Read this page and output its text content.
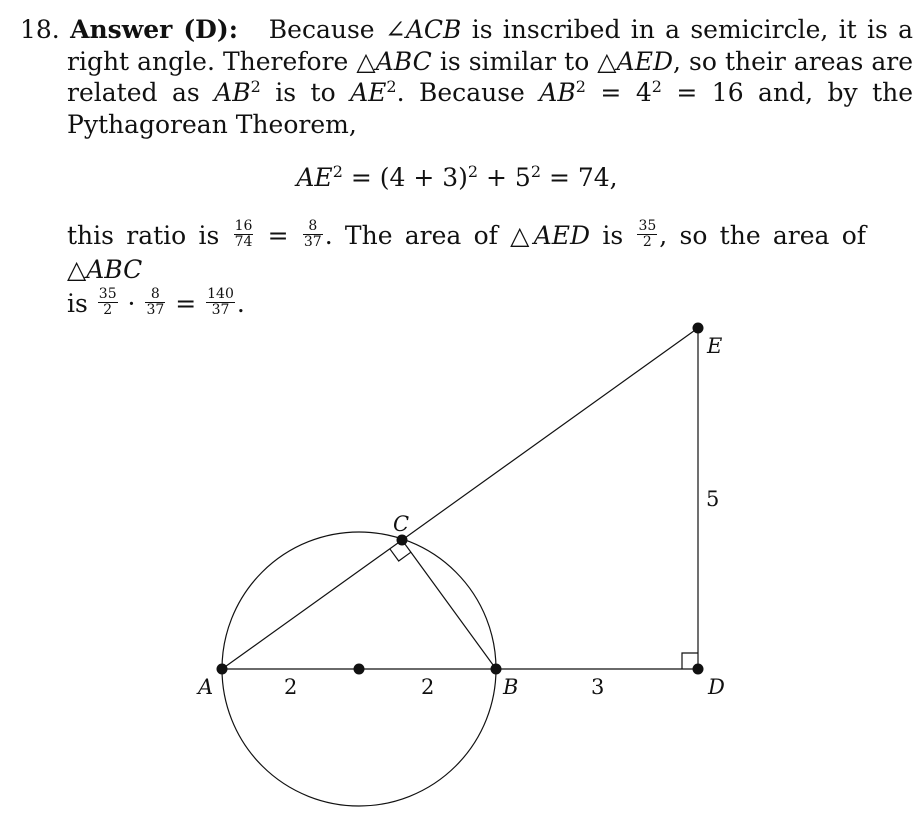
18. Answer (D): Because ∠ACB is inscribed in a semicircle, it is a right angle. Therefore △ABC is similar to △AED, so their areas are related as $AB^2$ is to $AE^2$. Because $AB^2 = 4^2 = 16$ and, by the Pythagorean Theorem,
$AE^2 = (4 + 3)^2 + 5^2 = 74$,
this ratio is $\frac{16}{74} = \frac{8}{37}$ . The area of △AED is $\frac{35}{2}$ , so the area of △ABC
is $\frac{35}{2} \cdot \frac{8}{37} = \frac{140}{37}$ .
A	B
C
D
E
2	2	3
5
